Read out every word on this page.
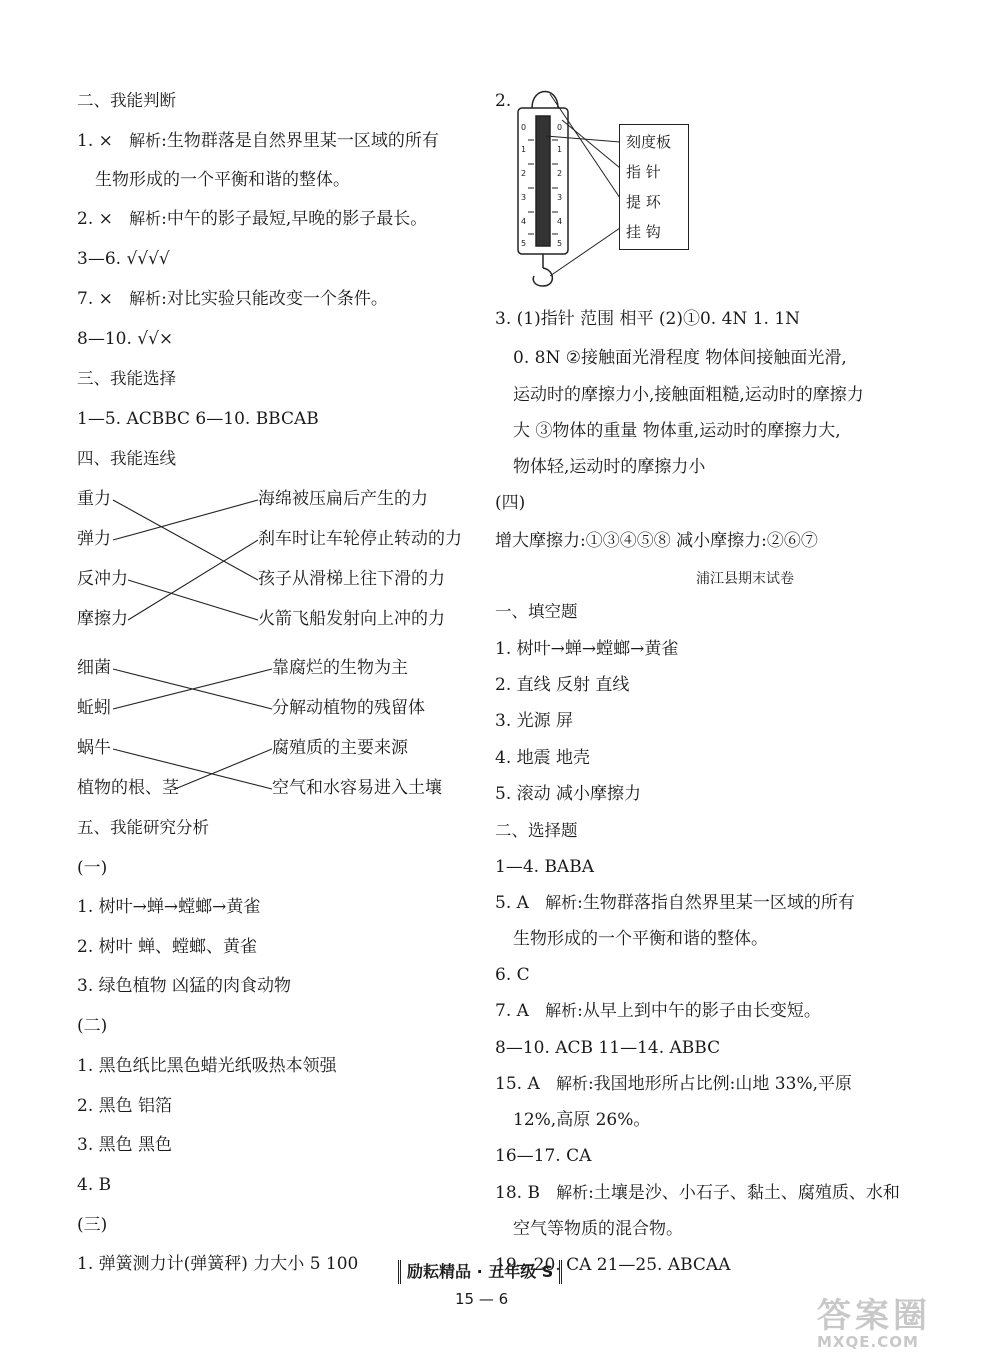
二、我能判断
1. × 解析:生物群落是自然界里某一区域的所有
生物形成的一个平衡和谐的整体。
2. × 解析:中午的影子最短,早晚的影子最长。
3—6. √√√√
7. × 解析:对比实验只能改变一个条件。
8—10. √√×
三、我能选择
1—5. ACBBC 6—10. BBCAB
四、我能连线
重力
弹力
反冲力
摩擦力
海绵被压扁后产生的力
刹车时让车轮停止转动的力
孩子从滑梯上往下滑的力
火箭飞船发射向上冲的力
细菌
蚯蚓
蜗牛
植物的根、茎
靠腐烂的生物为主
分解动植物的残留体
腐殖质的主要来源
空气和水容易进入土壤
五、我能研究分析
(一)
1. 树叶→蝉→螳螂→黄雀
2. 树叶 蝉、螳螂、黄雀
3. 绿色植物 凶猛的肉食动物
(二)
1. 黑色纸比黑色蜡光纸吸热本领强
2. 黑色 铝箔
3. 黑色 黑色
4. B
(三)
1. 弹簧测力计(弹簧秤) 力大小 5 100
2.
0	0
1	1
2	2
3	3
4	4
5	5
刻度板
指 针
提 环
挂 钩
3. (1)指针 范围 相平 (2)①0. 4N 1. 1N
0. 8N ②接触面光滑程度 物体间接触面光滑,
运动时的摩擦力小,接触面粗糙,运动时的摩擦力
大 ③物体的重量 物体重,运动时的摩擦力大,
物体轻,运动时的摩擦力小
(四)
增大摩擦力:①③④⑤⑧ 减小摩擦力:②⑥⑦
浦江县期末试卷
一、填空题
1. 树叶→蝉→螳螂→黄雀
2. 直线 反射 直线
3. 光源 屏
4. 地震 地壳
5. 滚动 减小摩擦力
二、选择题
1—4. BABA
5. A 解析:生物群落指自然界里某一区域的所有
生物形成的一个平衡和谐的整体。
6. C
7. A 解析:从早上到中午的影子由长变短。
8—10. ACB 11—14. ABBC
15. A 解析:我国地形所占比例:山地 33%,平原
12%,高原 26%。
16—17. CA
18. B 解析:土壤是沙、小石子、黏土、腐殖质、水和
空气等物质的混合物。
19—20. CA 21—25. ABCAA
励耘精品 · 五年级 S
15 — 6	答案圈
MXQE.COM
